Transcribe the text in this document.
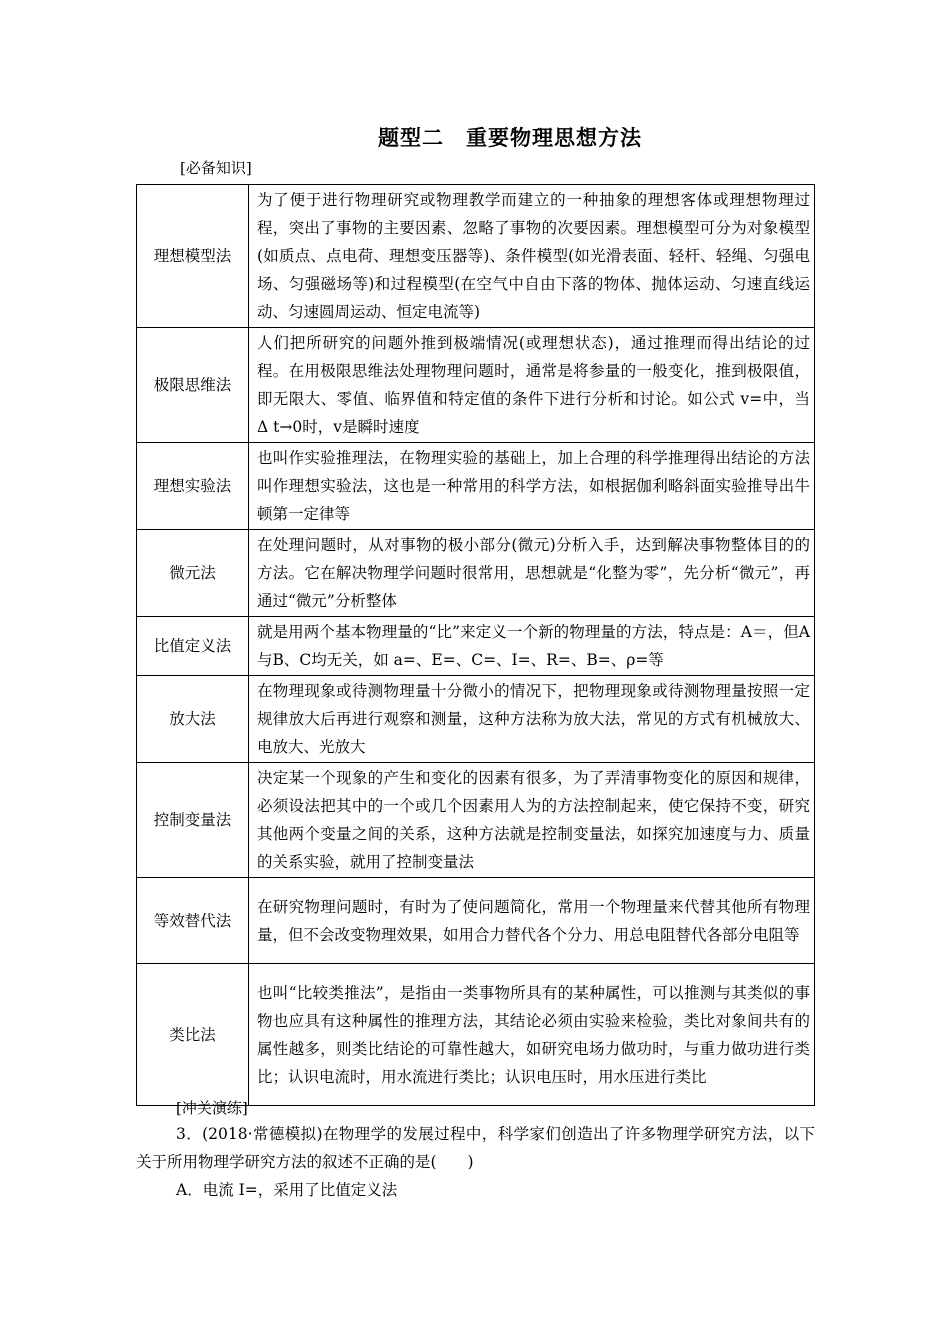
题型二　重要物理思想方法
[必备知识]
理想模型法	为了便于进行物理研究或物理教学而建立的一种抽象的理想客体或理想物理过程，突出了事物的主要因素、忽略了事物的次要因素。理想模型可分为对象模型(如质点、点电荷、理想变压器等)、条件模型(如光滑表面、轻杆、轻绳、匀强电场、匀强磁场等)和过程模型(在空气中自由下落的物体、抛体运动、匀速直线运动、匀速圆周运动、恒定电流等)
极限思维法	人们把所研究的问题外推到极端情况(或理想状态)，通过推理而得出结论的过程。在用极限思维法处理物理问题时，通常是将参量的一般变化，推到极限值，即无限大、零值、临界值和特定值的条件下进行分析和讨论。如公式 v=中，当 Δ t→0时，v是瞬时速度
理想实验法	也叫作实验推理法，在物理实验的基础上，加上合理的科学推理得出结论的方法叫作理想实验法，这也是一种常用的科学方法，如根据伽利略斜面实验推导出牛顿第一定律等
微元法	在处理问题时，从对事物的极小部分(微元)分析入手，达到解决事物整体目的的方法。它在解决物理学问题时很常用，思想就是“化整为零”，先分析“微元”，再通过“微元”分析整体
比值定义法	就是用两个基本物理量的“比”来定义一个新的物理量的方法，特点是：A＝，但A与B、C均无关，如 a=、E=、C=、I=、R=、B=、ρ=等
放大法	在物理现象或待测物理量十分微小的情况下，把物理现象或待测物理量按照一定规律放大后再进行观察和测量，这种方法称为放大法，常见的方式有机械放大、电放大、光放大
控制变量法	决定某一个现象的产生和变化的因素有很多，为了弄清事物变化的原因和规律，必须设法把其中的一个或几个因素用人为的方法控制起来，使它保持不变，研究其他两个变量之间的关系，这种方法就是控制变量法，如探究加速度与力、质量的关系实验，就用了控制变量法
等效替代法	在研究物理问题时，有时为了使问题简化，常用一个物理量来代替其他所有物理量，但不会改变物理效果，如用合力替代各个分力、用总电阻替代各部分电阻等
类比法	也叫“比较类推法”，是指由一类事物所具有的某种属性，可以推测与其类似的事物也应具有这种属性的推理方法，其结论必须由实验来检验，类比对象间共有的属性越多，则类比结论的可靠性越大，如研究电场力做功时，与重力做功进行类比；认识电流时，用水流进行类比；认识电压时，用水压进行类比
[冲关演练]
3．(2018·常德模拟)在物理学的发展过程中，科学家们创造出了许多物理学研究方法，以下关于所用物理学研究方法的叙述不正确的是(　　)
A．电流 I=，采用了比值定义法
